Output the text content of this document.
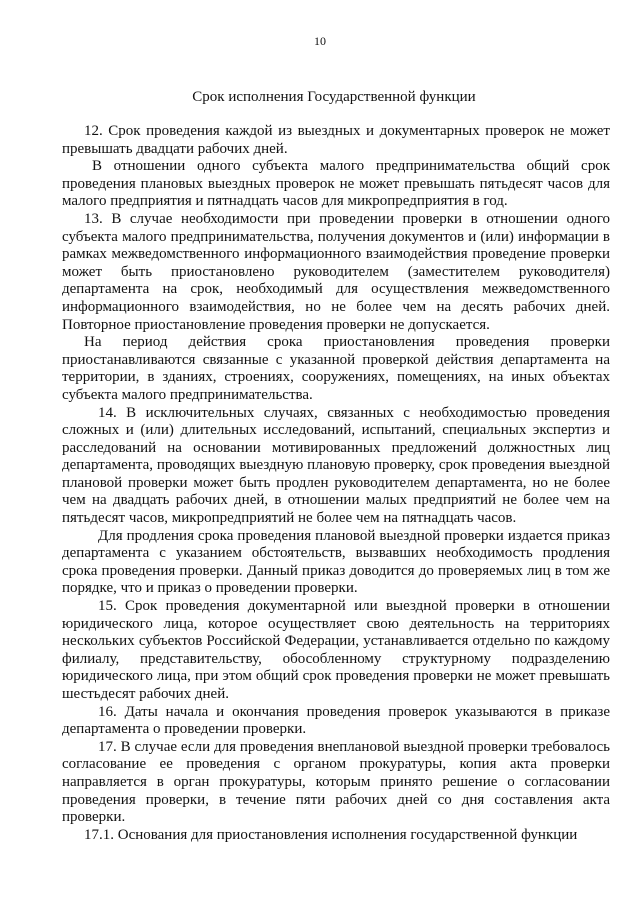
10
Срок исполнения Государственной функции

12. Срок проведения каждой из выездных и документарных проверок не может превышать двадцати рабочих дней.

В отношении одного субъекта малого предпринимательства общий срок проведения плановых выездных проверок не может превышать пятьдесят часов для малого предприятия и пятнадцать часов для микропредприятия в год.

13. В случае необходимости при проведении проверки в отношении одного субъекта малого предпринимательства, получения документов и (или) информации в рамках межведомственного информационного взаимодействия проведение проверки может быть приостановлено руководителем (заместителем руководителя) департамента на срок, необходимый для осуществления межведомственного информационного взаимодействия, но не более чем на десять рабочих дней. Повторное приостановление проведения проверки не допускается.

На период действия срока приостановления проведения проверки приостанавливаются связанные с указанной проверкой действия департамента на территории, в зданиях, строениях, сооружениях, помещениях, на иных объектах субъекта малого предпринимательства.

14. В исключительных случаях, связанных с необходимостью проведения сложных и (или) длительных исследований, испытаний, специальных экспертиз и расследований на основании мотивированных предложений должностных лиц департамента, проводящих выездную плановую проверку, срок проведения выездной плановой проверки может быть продлен руководителем департамента, но не более чем на двадцать рабочих дней, в отношении малых предприятий не более чем на пятьдесят часов, микропредприятий не более чем на пятнадцать часов.

Для продления срока проведения плановой выездной проверки издается приказ департамента с указанием обстоятельств, вызвавших необходимость продления срока проведения проверки. Данный приказ доводится до проверяемых лиц в том же порядке, что и приказ о проведении проверки.

15. Срок проведения документарной или выездной проверки в отношении юридического лица, которое осуществляет свою деятельность на территориях нескольких субъектов Российской Федерации, устанавливается отдельно по каждому филиалу, представительству, обособленному структурному подразделению юридического лица, при этом общий срок проведения проверки не может превышать шестьдесят рабочих дней.

16. Даты начала и окончания проведения проверок указываются в приказе департамента о проведении проверки.

17. В случае если для проведения внеплановой выездной проверки требовалось согласование ее проведения с органом прокуратуры, копия акта проверки направляется в орган прокуратуры, которым принято решение о согласовании проведения проверки, в течение пяти рабочих дней со дня составления акта проверки.

17.1. Основания для приостановления исполнения государственной функции
